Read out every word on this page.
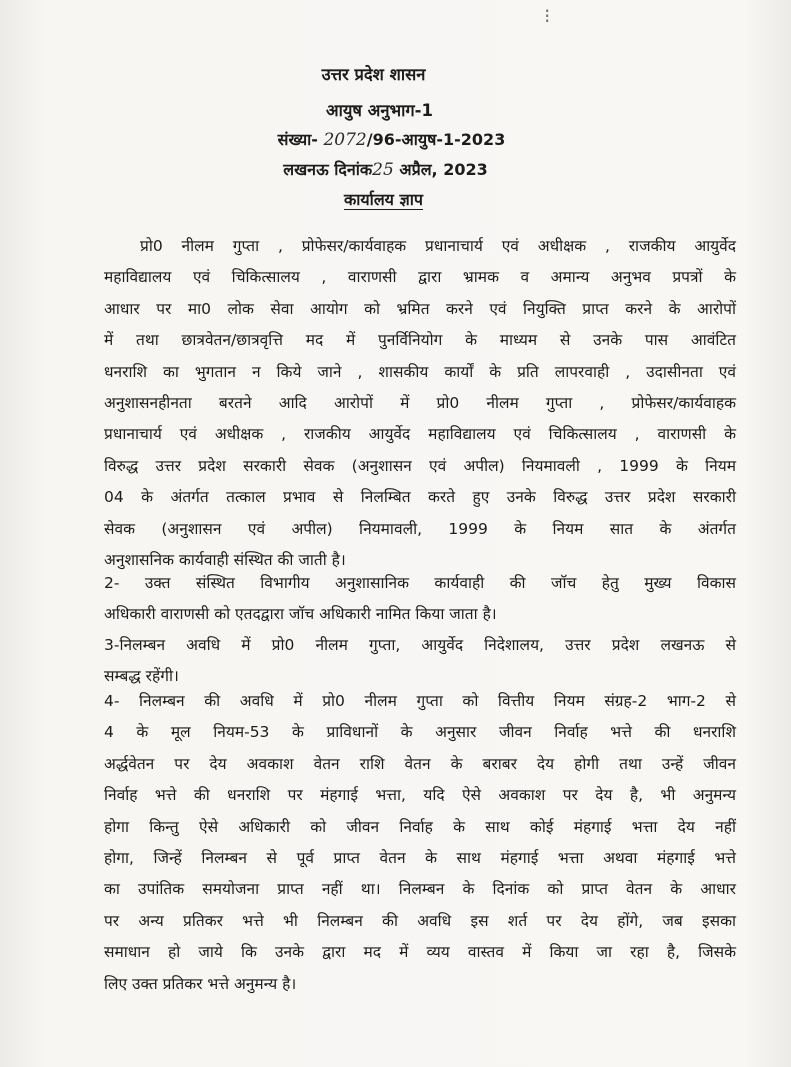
⁝
उत्तर प्रदेश शासन
आयुष अनुभाग-1
संख्या- 2072/96-आयुष-1-2023
लखनऊ दिनांक25 अप्रैल, 2023
कार्यालय ज्ञाप
प्रो0 नीलम गुप्ता , प्रोफेसर/कार्यवाहक प्रधानाचार्य एवं अधीक्षक , राजकीय आयुर्वेद
महाविद्यालय एवं चिकित्सालय , वाराणसी द्वारा भ्रामक व अमान्य अनुभव प्रपत्रों के
आधार पर मा0 लोक सेवा आयोग को भ्रमित करने एवं नियुक्ति प्राप्त करने के आरोपों
में तथा छात्रवेतन/छात्रवृत्ति मद में पुनर्विनियोग के माध्यम से उनके पास आवंटित
धनराशि का भुगतान न किये जाने , शासकीय कार्यों के प्रति लापरवाही , उदासीनता एवं
अनुशासनहीनता बरतने आदि आरोपों में प्रो0 नीलम गुप्ता , प्रोफेसर/कार्यवाहक
प्रधानाचार्य एवं अधीक्षक , राजकीय आयुर्वेद महाविद्यालय एवं चिकित्सालय , वाराणसी के
विरुद्ध उत्तर प्रदेश सरकारी सेवक (अनुशासन एवं अपील) नियमावली , 1999 के नियम
04 के अंतर्गत तत्काल प्रभाव से निलम्बित करते हुए उनके विरुद्ध उत्तर प्रदेश सरकारी
सेवक (अनुशासन एवं अपील) नियमावली, 1999 के नियम सात के अंतर्गत
अनुशासनिक कार्यवाही संस्थित की जाती है।
2- उक्त संस्थित विभागीय अनुशासानिक कार्यवाही की जॉच हेतु मुख्य विकास
अधिकारी वाराणसी को एतदद्वारा जॉच अधिकारी नामित किया जाता है।
3-निलम्बन अवधि में प्रो0 नीलम गुप्ता, आयुर्वेद निदेशालय, उत्तर प्रदेश लखनऊ से
सम्बद्ध रहेंगी।
4- निलम्बन की अवधि में प्रो0 नीलम गुप्ता को वित्तीय नियम संग्रह-2 भाग-2 से
4 के मूल नियम-53 के प्राविधानों के अनुसार जीवन निर्वाह भत्ते की धनराशि
अर्द्धवेतन पर देय अवकाश वेतन राशि वेतन के बराबर देय होगी तथा उन्हें जीवन
निर्वाह भत्ते की धनराशि पर मंहगाई भत्ता, यदि ऐसे अवकाश पर देय है, भी अनुमन्य
होगा किन्तु ऐसे अधिकारी को जीवन निर्वाह के साथ कोई मंहगाई भत्ता देय नहीं
होगा, जिन्हें निलम्बन से पूर्व प्राप्त वेतन के साथ मंहगाई भत्ता अथवा मंहगाई भत्ते
का उपांतिक समयोजना प्राप्त नहीं था। निलम्बन के दिनांक को प्राप्त वेतन के आधार
पर अन्य प्रतिकर भत्ते भी निलम्बन की अवधि इस शर्त पर देय होंगे, जब इसका
समाधान हो जाये कि उनके द्वारा मद में व्यय वास्तव में किया जा रहा है, जिसके
लिए उक्त प्रतिकर भत्ते अनुमन्य है।
